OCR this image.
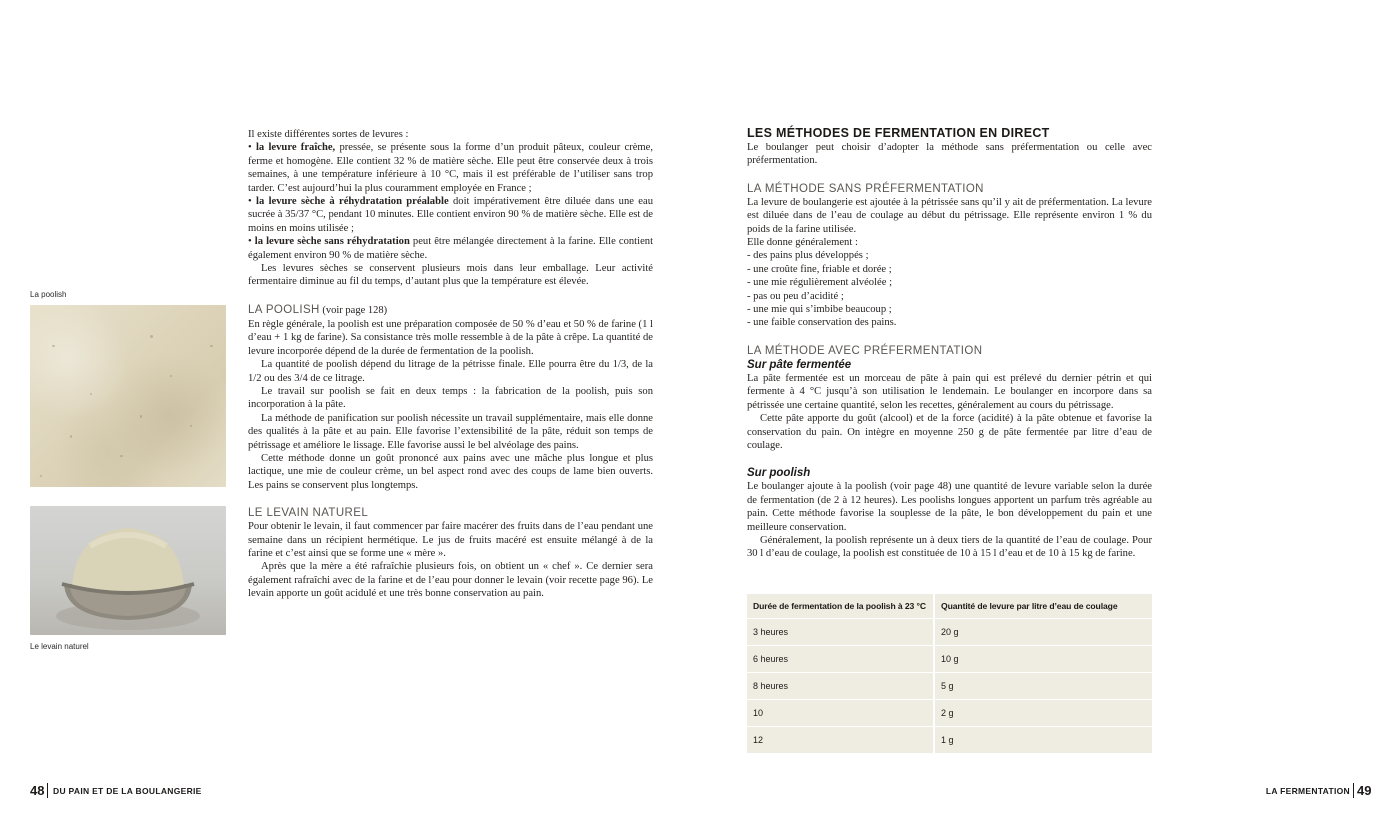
La poolish
Le levain naturel

Il existe différentes sortes de levures :

• la levure fraîche, pressée, se présente sous la forme d’un produit pâteux, couleur crème, ferme et homogène. Elle contient 32 % de matière sèche. Elle peut être conservée deux à trois semaines, à une température inférieure à 10 °C, mais il est préférable de l’utiliser sans trop tarder. C’est aujourd’hui la plus couramment employée en France ;

• la levure sèche à réhydratation préalable doit impérativement être diluée dans une eau sucrée à 35/37 °C, pendant 10 minutes. Elle contient environ 90 % de matière sèche. Elle est de moins en moins utilisée ;

• la levure sèche sans réhydratation peut être mélangée directement à la farine. Elle contient également environ 90 % de matière sèche.

Les levures sèches se conservent plusieurs mois dans leur emballage. Leur activité fermentaire diminue au fil du temps, d’autant plus que la température est élevée.

LA POOLISH (voir page 128)

En règle générale, la poolish est une préparation composée de 50 % d’eau et 50 % de farine (1 l d’eau + 1 kg de farine). Sa consistance très molle ressemble à de la pâte à crêpe. La quantité de levure incorporée dépend de la durée de fermentation de la poolish.

La quantité de poolish dépend du litrage de la pétrisse finale. Elle pourra être du 1/3, de la 1/2 ou des 3/4 de ce litrage.

Le travail sur poolish se fait en deux temps : la fabrication de la poolish, puis son incorporation à la pâte.

La méthode de panification sur poolish nécessite un travail supplémentaire, mais elle donne des qualités à la pâte et au pain. Elle favorise l’extensibilité de la pâte, réduit son temps de pétrissage et améliore le lissage. Elle favorise aussi le bel alvéolage des pains.

Cette méthode donne un goût prononcé aux pains avec une mâche plus longue et plus lactique, une mie de couleur crème, un bel aspect rond avec des coups de lame bien ouverts. Les pains se conservent plus longtemps.

LE LEVAIN NATUREL

Pour obtenir le levain, il faut commencer par faire macérer des fruits dans de l’eau pendant une semaine dans un récipient hermétique. Le jus de fruits macéré est ensuite mélangé à de la farine et c’est ainsi que se forme une « mère ».

Après que la mère a été rafraîchie plusieurs fois, on obtient un « chef ». Ce dernier sera également rafraîchi avec de la farine et de l’eau pour donner le levain (voir recette page 96). Le levain apporte un goût acidulé et une très bonne conservation au pain.

LES MÉTHODES DE FERMENTATION EN DIRECT

Le boulanger peut choisir d’adopter la méthode sans préfermentation ou celle avec préfermentation.

LA MÉTHODE SANS PRÉFERMENTATION

La levure de boulangerie est ajoutée à la pétrissée sans qu’il y ait de préfermentation. La levure est diluée dans de l’eau de coulage au début du pétrissage. Elle représente environ 1 % du poids de la farine utilisée.

Elle donne généralement :

- des pains plus développés ;

- une croûte fine, friable et dorée ;

- une mie régulièrement alvéolée ;

- pas ou peu d’acidité ;

- une mie qui s’imbibe beaucoup ;

- une faible conservation des pains.

LA MÉTHODE AVEC PRÉFERMENTATION

Sur pâte fermentée

La pâte fermentée est un morceau de pâte à pain qui est prélevé du dernier pétrin et qui fermente à 4 °C jusqu’à son utilisation le lendemain. Le boulanger en incorpore dans sa pétrissée une certaine quantité, selon les recettes, généralement au cours du pétrissage.

Cette pâte apporte du goût (alcool) et de la force (acidité) à la pâte obtenue et favorise la conservation du pain. On intègre en moyenne 250 g de pâte fermentée par litre d’eau de coulage.

Sur poolish

Le boulanger ajoute à la poolish (voir page 48) une quantité de levure variable selon la durée de fermentation (de 2 à 12 heures). Les poolishs longues apportent un parfum très agréable au pain. Cette méthode favorise la souplesse de la pâte, le bon développement du pain et une meilleure conservation.

Généralement, la poolish représente un à deux tiers de la quantité de l’eau de coulage. Pour 30 l d’eau de coulage, la poolish est constituée de 10 à 15 l d’eau et de 10 à 15 kg de farine.

Durée de fermentation de la poolish à 23 °C	Quantité de levure par litre d’eau de coulage
3 heures	20 g
6 heures	10 g
8 heures	5 g
10	2 g
12	1 g
48 DU PAIN ET DE LA BOULANGERIE	LA FERMENTATION 49
